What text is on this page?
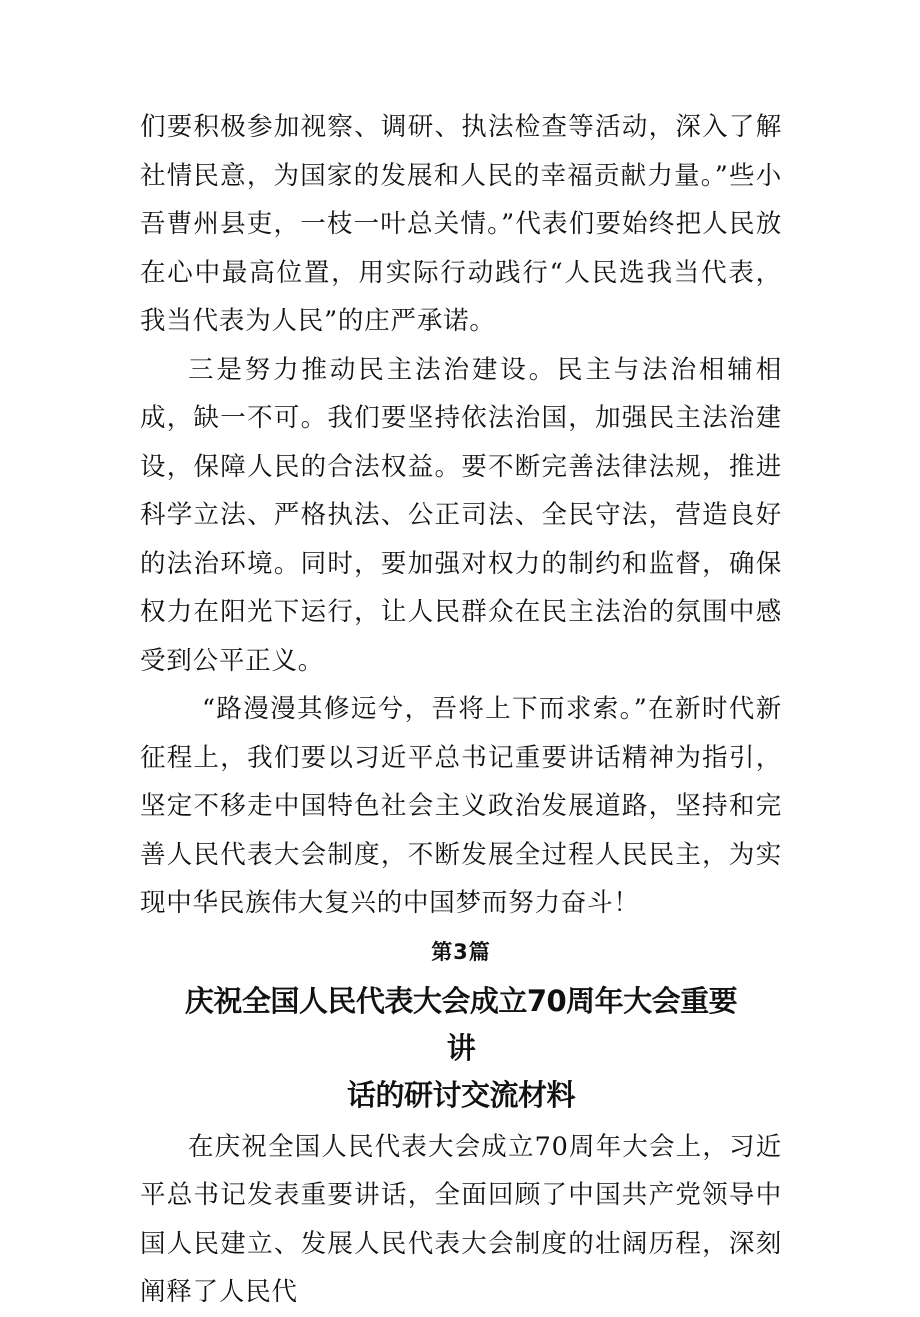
们要积极参加视察、调研、执法检查等活动，深入了解社情民意，为国家的发展和人民的幸福贡献力量。”些小吾曹州县吏，一枝一叶总关情。”代表们要始终把人民放在心中最高位置，用实际行动践行“人民选我当代表，我当代表为人民”的庄严承诺。

三是努力推动民主法治建设。民主与法治相辅相成，缺一不可。我们要坚持依法治国，加强民主法治建设，保障人民的合法权益。要不断完善法律法规，推进科学立法、严格执法、公正司法、全民守法，营造良好的法治环境。同时，要加强对权力的制约和监督，确保权力在阳光下运行，让人民群众在民主法治的氛围中感受到公平正义。

“路漫漫其修远兮，吾将上下而求索。”在新时代新征程上，我们要以习近平总书记重要讲话精神为指引，坚定不移走中国特色社会主义政治发展道路，坚持和完善人民代表大会制度，不断发展全过程人民民主，为实现中华民族伟大复兴的中国梦而努力奋斗！

第3篇

庆祝全国人民代表大会成立70周年大会重要讲
话的研讨交流材料

在庆祝全国人民代表大会成立70周年大会上，习近平总书记发表重要讲话，全面回顾了中国共产党领导中国人民建立、发展人民代表大会制度的壮阔历程，深刻阐释了人民代
